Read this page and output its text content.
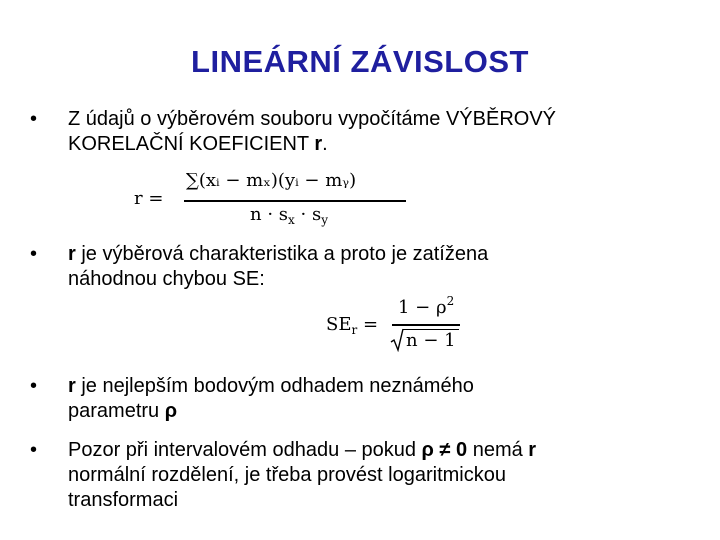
LINEÁRNÍ ZÁVISLOST
• Z údajů o výběrovém souboru vypočítáme VÝBĚROVÝ
KORELAČNÍ KOEFICIENT r.
r =
∑(xᵢ − mₓ)(yᵢ − mᵧ)
$n \cdot s_x \cdot s_y$
• r je výběrová charakteristika a proto je zatížena
náhodnou chybou SE:
$SE_r$ =
$1 - \rho^2$
n − 1
• r je nejlepším bodovým odhadem neznámého
parametru ρ
• Pozor při intervalovém odhadu – pokud ρ ≠ 0 nemá r
normální rozdělení, je třeba provést logaritmickou
transformaci
